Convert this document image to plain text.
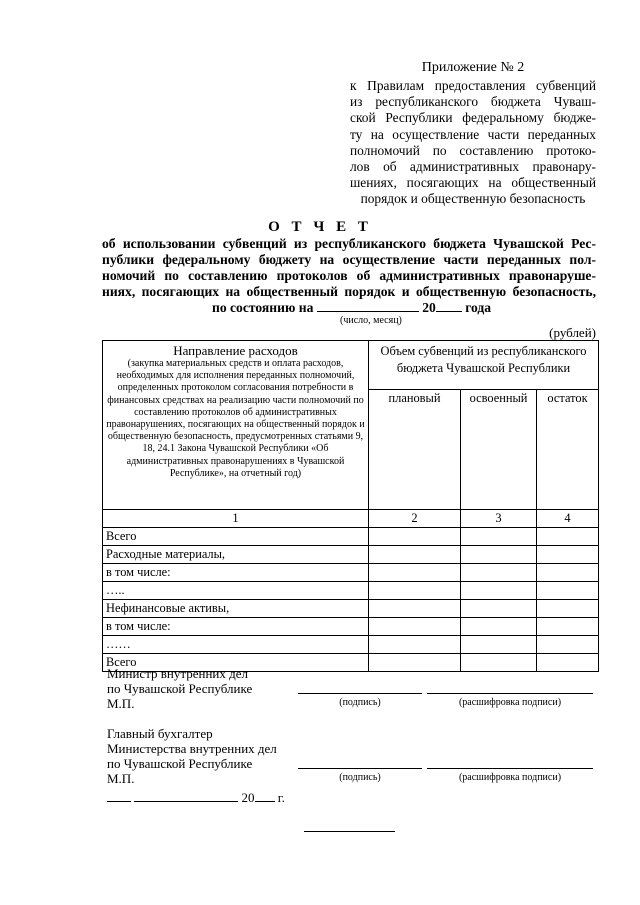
Приложение № 2
к Правилам предоставления субвенций
из республиканского бюджета Чуваш-
ской Республики федеральному бюдже-
ту на осуществление части переданных
полномочий по составлению протоко-
лов об административных правонару-
шениях, посягающих на общественный
порядок и общественную безопасность
О Т Ч Е Т
об использовании субвенций из республиканского бюджета Чувашской Рес-
публики федеральному бюджету на осуществление части переданных пол-
номочий по составлению протоколов об административных правонаруше-
ниях, посягающих на общественный порядок и общественную безопасность,
по состоянию на	20 года
(число, месяц)
(рублей)
Направление расходов
(закупка материальных средств и оплата расходов, необходимых для исполнения переданных полномочий, определенных протоколом согласования потребности в финансовых средствах на реализацию части полномочий по составлению протоколов об административных правонарушениях, посягающих на общественный порядок и общественную безопасность, предусмотренных статьями 9, 18, 24.1 Закона Чувашской Республики «Об административных правонарушениях в Чувашской Республике», на отчетный год)	Объем субвенций из республиканского бюджета Чувашской Республики		
	плановый	освоенный	остаток
1	2	3	4
Всего			
Расходные материалы,			
в том числе:			
…..			
Нефинансовые активы,			
в том числе:			
……			
Всего			
Министр внутренних дел
по Чувашской Республике
М.П.	(подпись)	(расшифровка подписи)
Главный бухгалтер
Министерства внутренних дел
по Чувашской Республике
М.П.	(подпись)	(расшифровка подписи)
20 г.
